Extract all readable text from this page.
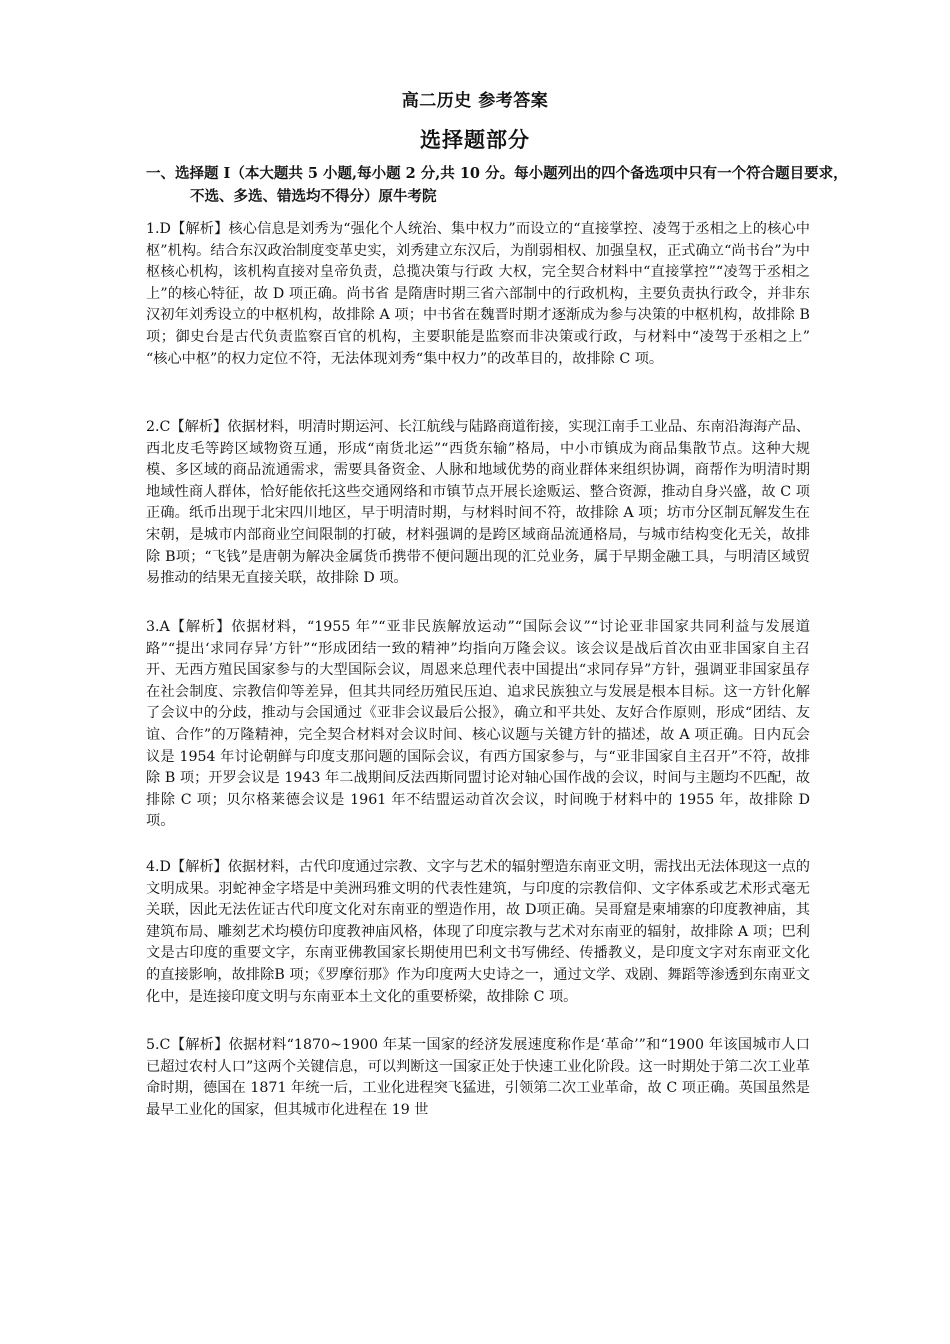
高二历史 参考答案
选择题部分
一、选择题 I（本大题共 5 小题,每小题 2 分,共 10 分。每小题列出的四个备选项中只有一个符合题目要求，不选、多选、错选均不得分）原牛考院
1.D【解析】核心信息是刘秀为“强化个人统治、集中权力”而设立的“直接掌控、凌驾于丞相之上的核心中枢”机构。结合东汉政治制度变革史实，刘秀建立东汉后，为削弱相权、加强皇权，正式确立“尚书台”为中枢核心机构，该机构直接对皇帝负责，总揽决策与行政 大权，完全契合材料中“直接掌控”“凌驾于丞相之上”的核心特征，故 D 项正确。尚书省 是隋唐时期三省六部制中的行政机构，主要负责执行政令，并非东汉初年刘秀设立的中枢机构，故排除 A 项；中书省在魏晋时期才逐渐成为参与决策的中枢机构，故排除 B 项；御史台是古代负责监察百官的机构，主要职能是监察而非决策或行政，与材料中“凌驾于丞相之上” “核心中枢”的权力定位不符，无法体现刘秀“集中权力”的改革目的，故排除 C 项。
2.C【解析】依据材料，明清时期运河、长江航线与陆路商道衔接，实现江南手工业品、东南沿海海产品、西北皮毛等跨区域物资互通，形成“南货北运”“西货东输”格局，中小市镇成为商品集散节点。这种大规模、多区域的商品流通需求，需要具备资金、人脉和地域优势的商业群体来组织协调，商帮作为明清时期地域性商人群体，恰好能依托这些交通网络和市镇节点开展长途贩运、整合资源，推动自身兴盛，故 C 项正确。纸币出现于北宋四川地区，早于明清时期，与材料时间不符，故排除 A 项；坊市分区制瓦解发生在宋朝，是城市内部商业空间限制的打破，材料强调的是跨区域商品流通格局，与城市结构变化无关，故排除 B项；“飞钱”是唐朝为解决金属货币携带不便问题出现的汇兑业务，属于早期金融工具，与明清区域贸易推动的结果无直接关联，故排除 D 项。
3.A【解析】依据材料，“1955 年”“亚非民族解放运动”“国际会议”“讨论亚非国家共同利益与发展道路”“提出‘求同存异’方针”“形成团结一致的精神”均指向万隆会议。该会议是战后首次由亚非国家自主召开、无西方殖民国家参与的大型国际会议，周恩来总理代表中国提出“求同存异”方针，强调亚非国家虽存在社会制度、宗教信仰等差异，但其共同经历殖民压迫、追求民族独立与发展是根本目标。这一方针化解了会议中的分歧，推动与会国通过《亚非会议最后公报》，确立和平共处、友好合作原则，形成“团结、友谊、合作”的万隆精神，完全契合材料对会议时间、核心议题与关键方针的描述，故 A 项正确。日内瓦会议是 1954 年讨论朝鲜与印度支那问题的国际会议，有西方国家参与，与“亚非国家自主召开”不符，故排除 B 项；开罗会议是 1943 年二战期间反法西斯同盟讨论对轴心国作战的会议，时间与主题均不匹配，故排除 C 项；贝尔格莱德会议是 1961 年不结盟运动首次会议，时间晚于材料中的 1955 年，故排除 D 项。
4.D【解析】依据材料，古代印度通过宗教、文字与艺术的辐射塑造东南亚文明，需找出无法体现这一点的文明成果。羽蛇神金字塔是中美洲玛雅文明的代表性建筑，与印度的宗教信仰、文字体系或艺术形式毫无关联，因此无法佐证古代印度文化对东南亚的塑造作用，故 D项正确。吴哥窟是柬埔寨的印度教神庙，其建筑布局、雕刻艺术均模仿印度教神庙风格，体现了印度宗教与艺术对东南亚的辐射，故排除 A 项；巴利文是古印度的重要文字，东南亚佛教国家长期使用巴利文书写佛经、传播教义，是印度文字对东南亚文化的直接影响，故排除B 项；《罗摩衍那》作为印度两大史诗之一，通过文学、戏剧、舞蹈等渗透到东南亚文化中，是连接印度文明与东南亚本土文化的重要桥梁，故排除 C 项。
5.C【解析】依据材料“1870~1900 年某一国家的经济发展速度称作是‘革命’”和“1900 年该国城市人口已超过农村人口”这两个关键信息，可以判断这一国家正处于快速工业化阶段。这一时期处于第二次工业革命时期，德国在 1871 年统一后，工业化进程突飞猛进，引领第二次工业革命，故 C 项正确。英国虽然是最早工业化的国家，但其城市化进程在 19 世
